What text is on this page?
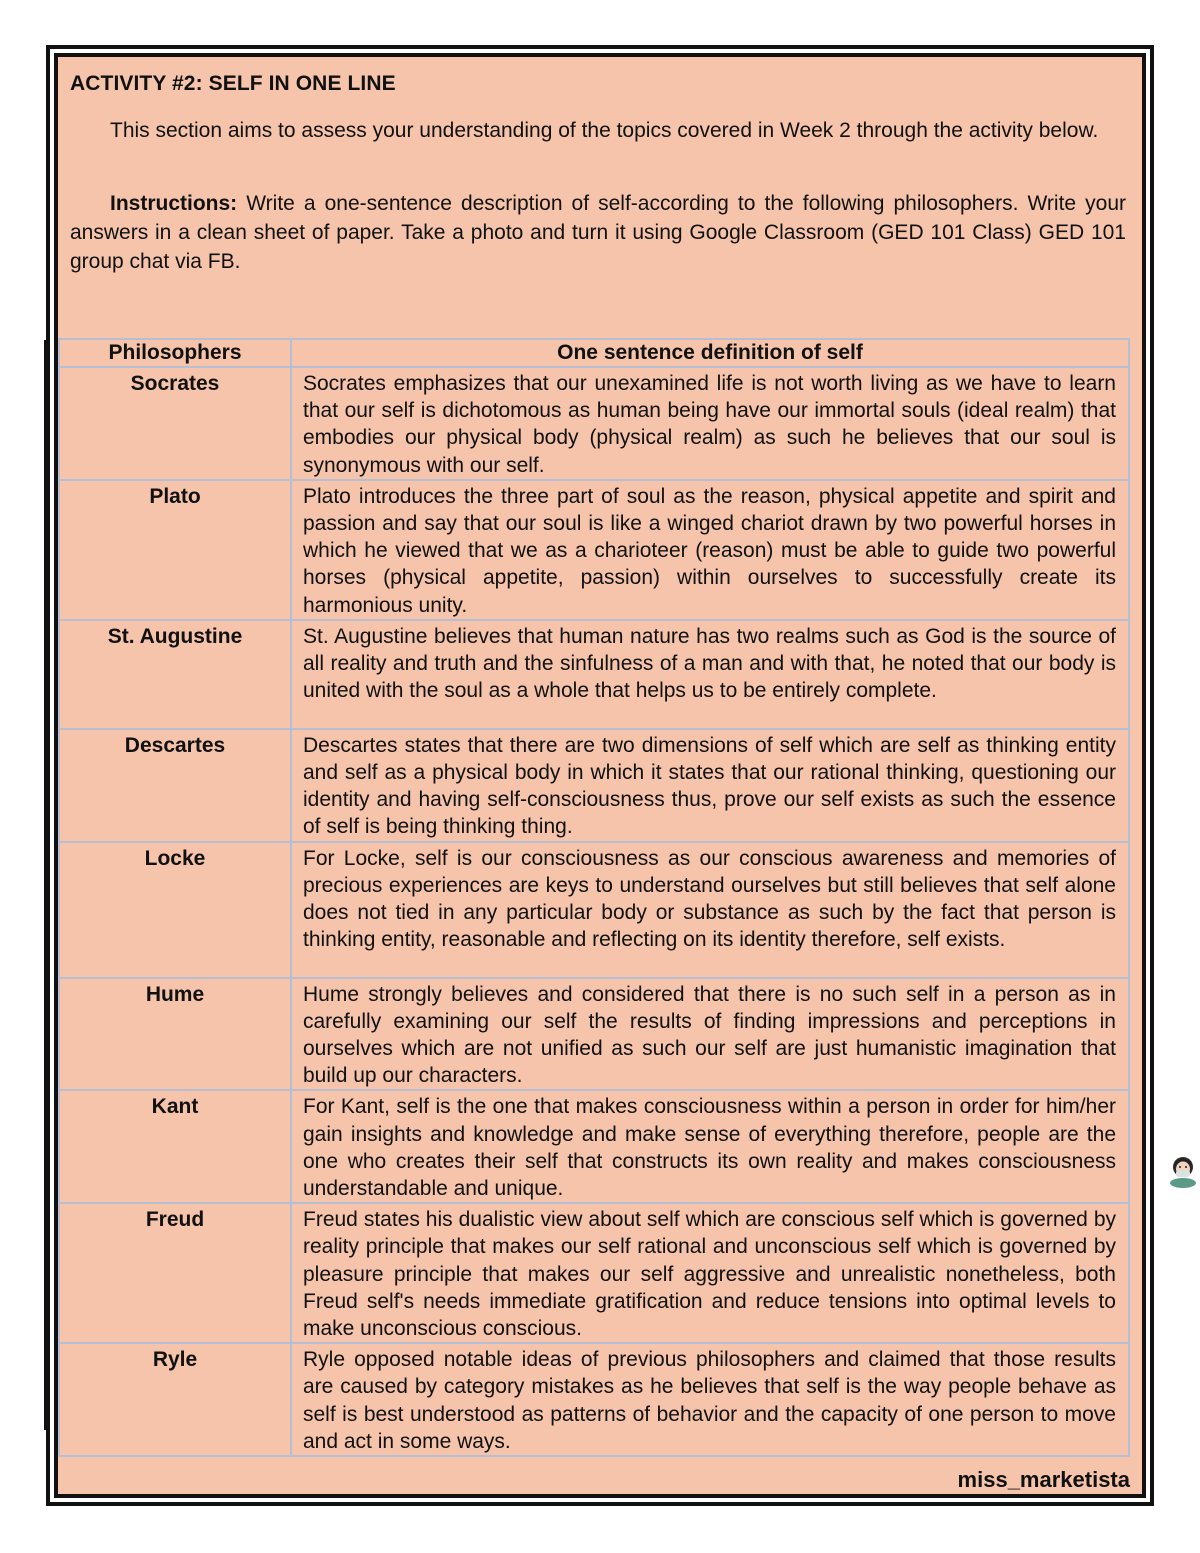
ACTIVITY #2: SELF IN ONE LINE
This section aims to assess your understanding of the topics covered in Week 2 through the activity below.
Instructions: Write a one-sentence description of self-according to the following philosophers. Write your answers in a clean sheet of paper. Take a photo and turn it using Google Classroom (GED 101 Class) GED 101 group chat via FB.
Philosophers	One sentence definition of self
Socrates	Socrates emphasizes that our unexamined life is not worth living as we have to learn that our self is dichotomous as human being have our immortal souls (ideal realm) that embodies our physical body (physical realm) as such he believes that our soul is synonymous with our self.
Plato	Plato introduces the three part of soul as the reason, physical appetite and spirit and passion and say that our soul is like a winged chariot drawn by two powerful horses in which he viewed that we as a charioteer (reason) must be able to guide two powerful horses (physical appetite, passion) within ourselves to successfully create its harmonious unity.
St. Augustine	St. Augustine believes that human nature has two realms such as God is the source of all reality and truth and the sinfulness of a man and with that, he noted that our body is united with the soul as a whole that helps us to be entirely complete.
Descartes	Descartes states that there are two dimensions of self which are self as thinking entity and self as a physical body in which it states that our rational thinking, questioning our identity and having self-consciousness thus, prove our self exists as such the essence of self is being thinking thing.
Locke	For Locke, self is our consciousness as our conscious awareness and memories of precious experiences are keys to understand ourselves but still believes that self alone does not tied in any particular body or substance as such by the fact that person is thinking entity, reasonable and reflecting on its identity therefore, self exists.
Hume	Hume strongly believes and considered that there is no such self in a person as in carefully examining our self the results of finding impressions and perceptions in ourselves which are not unified as such our self are just humanistic imagination that build up our characters.
Kant	For Kant, self is the one that makes consciousness within a person in order for him/her gain insights and knowledge and make sense of everything therefore, people are the one who creates their self that constructs its own reality and makes consciousness understandable and unique.
Freud	Freud states his dualistic view about self which are conscious self which is governed by reality principle that makes our self rational and unconscious self which is governed by pleasure principle that makes our self aggressive and unrealistic nonetheless, both Freud self's needs immediate gratification and reduce tensions into optimal levels to make unconscious conscious.
Ryle	Ryle opposed notable ideas of previous philosophers and claimed that those results are caused by category mistakes as he believes that self is the way people behave as self is best understood as patterns of behavior and the capacity of one person to move and act in some ways.
miss_marketista
